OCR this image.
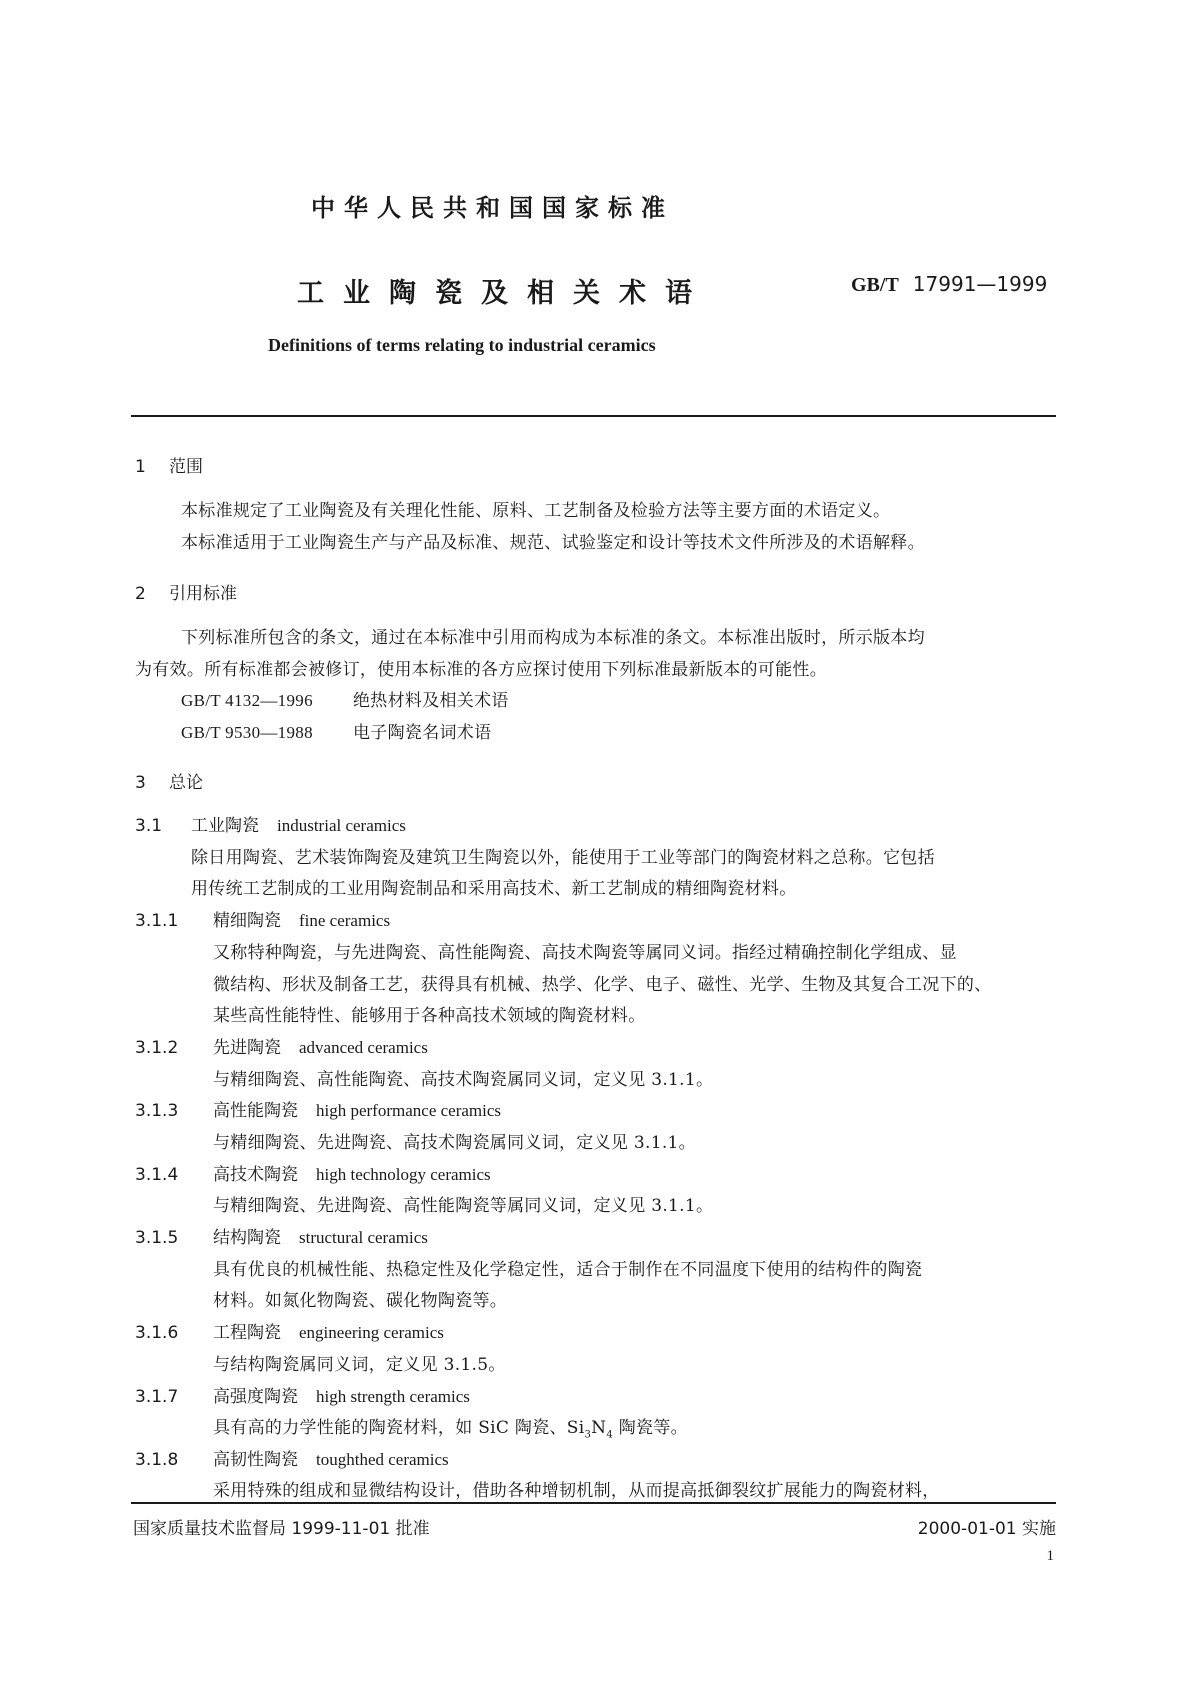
中华人民共和国国家标准
工业陶瓷及相关术语	GB/T 17991—1999
Definitions of terms relating to industrial ceramics
1 范围
本标准规定了工业陶瓷及有关理化性能、原料、工艺制备及检验方法等主要方面的术语定义。
本标准适用于工业陶瓷生产与产品及标准、规范、试验鉴定和设计等技术文件所涉及的术语解释。
2 引用标准
下列标准所包含的条文，通过在本标准中引用而构成为本标准的条文。本标准出版时，所示版本均
为有效。所有标准都会被修订，使用本标准的各方应探讨使用下列标准最新版本的可能性。
GB/T 4132—1996 绝热材料及相关术语
GB/T 9530—1988 电子陶瓷名词术语
3 总论
3.1 工业陶瓷 industrial ceramics
除日用陶瓷、艺术装饰陶瓷及建筑卫生陶瓷以外，能使用于工业等部门的陶瓷材料之总称。它包括
用传统工艺制成的工业用陶瓷制品和采用高技术、新工艺制成的精细陶瓷材料。
3.1.1 精细陶瓷 fine ceramics
又称特种陶瓷，与先进陶瓷、高性能陶瓷、高技术陶瓷等属同义词。指经过精确控制化学组成、显
微结构、形状及制备工艺，获得具有机械、热学、化学、电子、磁性、光学、生物及其复合工况下的、
某些高性能特性、能够用于各种高技术领域的陶瓷材料。
3.1.2 先进陶瓷 advanced ceramics
与精细陶瓷、高性能陶瓷、高技术陶瓷属同义词，定义见 3.1.1。
3.1.3 高性能陶瓷 high performance ceramics
与精细陶瓷、先进陶瓷、高技术陶瓷属同义词，定义见 3.1.1。
3.1.4 高技术陶瓷 high technology ceramics
与精细陶瓷、先进陶瓷、高性能陶瓷等属同义词，定义见 3.1.1。
3.1.5 结构陶瓷 structural ceramics
具有优良的机械性能、热稳定性及化学稳定性，适合于制作在不同温度下使用的结构件的陶瓷
材料。如氮化物陶瓷、碳化物陶瓷等。
3.1.6 工程陶瓷 engineering ceramics
与结构陶瓷属同义词，定义见 3.1.5。
3.1.7 高强度陶瓷 high strength ceramics
具有高的力学性能的陶瓷材料，如 SiC 陶瓷、$Si_3N_4$ 陶瓷等。
3.1.8 高韧性陶瓷 toughthed ceramics
采用特殊的组成和显微结构设计，借助各种增韧机制，从而提高抵御裂纹扩展能力的陶瓷材料，
国家质量技术监督局 1999-11-01 批准	2000-01-01 实施
1
